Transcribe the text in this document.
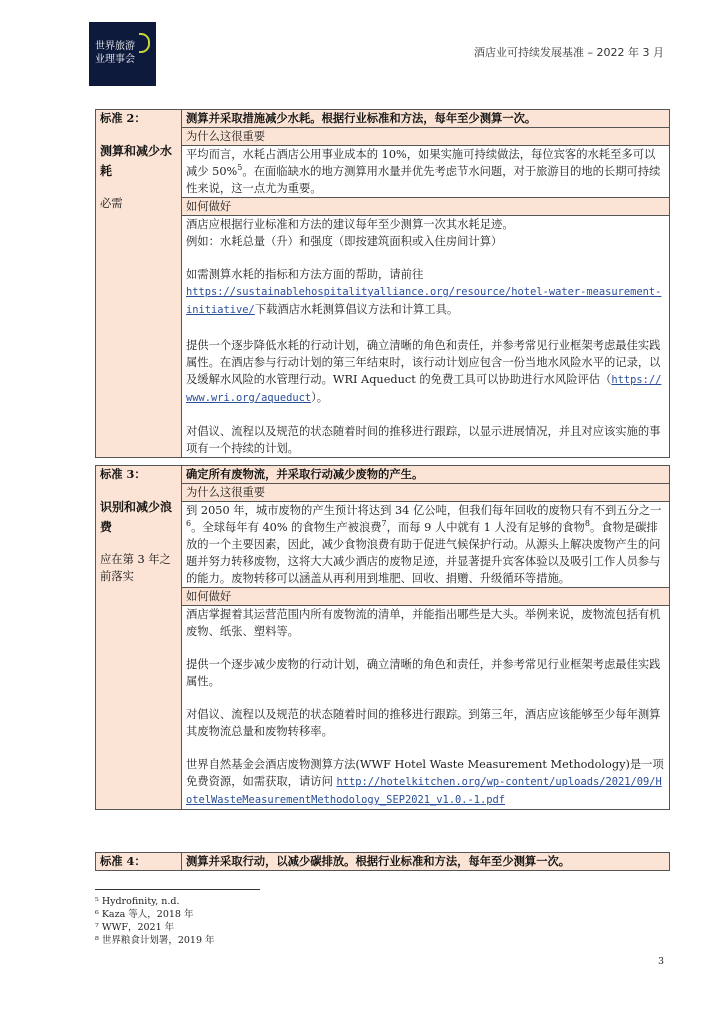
世界旅游
业理事会
酒店业可持续发展基准 – 2022 年 3 月
标准 2：
测算和减少水耗
必需
	测算并采取措施减少水耗。根据行业标准和方法，每年至少测算一次。
为什么这很重要
平均而言，水耗占酒店公用事业成本的 10%，如果实施可持续做法，每位宾客的水耗至多可以减少 50%$^5$。在面临缺水的地方测算用水量并优先考虑节水问题，对于旅游目的地的长期可持续性来说，这一点尤为重要。
如何做好

酒店应根据行业标准和方法的建议每年至少测算一次其水耗足迹。
例如：水耗总量（升）和强度（即按建筑面积或入住房间计算）
如需测算水耗的指标和方法方面的帮助，请前往
https://sustainablehospitalityalliance.org/resource/hotel-water-measurement-initiative/下载酒店水耗测算倡议方法和计算工具。
提供一个逐步降低水耗的行动计划，确立清晰的角色和责任，并参考常见行业框架考虑最佳实践属性。在酒店参与行动计划的第三年结束时，该行动计划应包含一份当地水风险水平的记录，以及缓解水风险的水管理行动。WRI Aqueduct 的免费工具可以协助进行水风险评估（https://www.wri.org/aqueduct）。
对倡议、流程以及规范的状态随着时间的推移进行跟踪，以显示进展情况，并且对应该实施的事项有一个持续的计划。
标准 3：
识别和减少浪费
应在第 3 年之前落实
	确定所有废物流，并采取行动减少废物的产生。
为什么这很重要
到 2050 年，城市废物的产生预计将达到 34 亿公吨，但我们每年回收的废物只有不到五分之一$^6$。全球每年有 40% 的食物生产被浪费$^7$，而每 9 人中就有 1 人没有足够的食物$^8$。食物是碳排放的一个主要因素，因此，减少食物浪费有助于促进气候保护行动。从源头上解决废物产生的问题并努力转移废物，这将大大减少酒店的废物足迹，并显著提升宾客体验以及吸引工作人员参与的能力。废物转移可以涵盖从再利用到堆肥、回收、捐赠、升级循环等措施。
如何做好

酒店掌握着其运营范围内所有废物流的清单，并能指出哪些是大头。举例来说，废物流包括有机废物、纸张、塑料等。
提供一个逐步减少废物的行动计划，确立清晰的角色和责任，并参考常见行业框架考虑最佳实践属性。
对倡议、流程以及规范的状态随着时间的推移进行跟踪。到第三年，酒店应该能够至少每年测算其废物流总量和废物转移率。
世界自然基金会酒店废物测算方法(WWF Hotel Waste Measurement Methodology)是一项免费资源，如需获取，请访问 http://hotelkitchen.org/wp-content/uploads/2021/09/HotelWasteMeasurementMethodology_SEP2021_v1.0.-1.pdf
标准 4：	测算并采取行动，以减少碳排放。根据行业标准和方法，每年至少测算一次。
⁵ Hydrofinity, n.d.
⁶ Kaza 等人，2018 年
⁷ WWF，2021 年
⁸ 世界粮食计划署，2019 年
3
